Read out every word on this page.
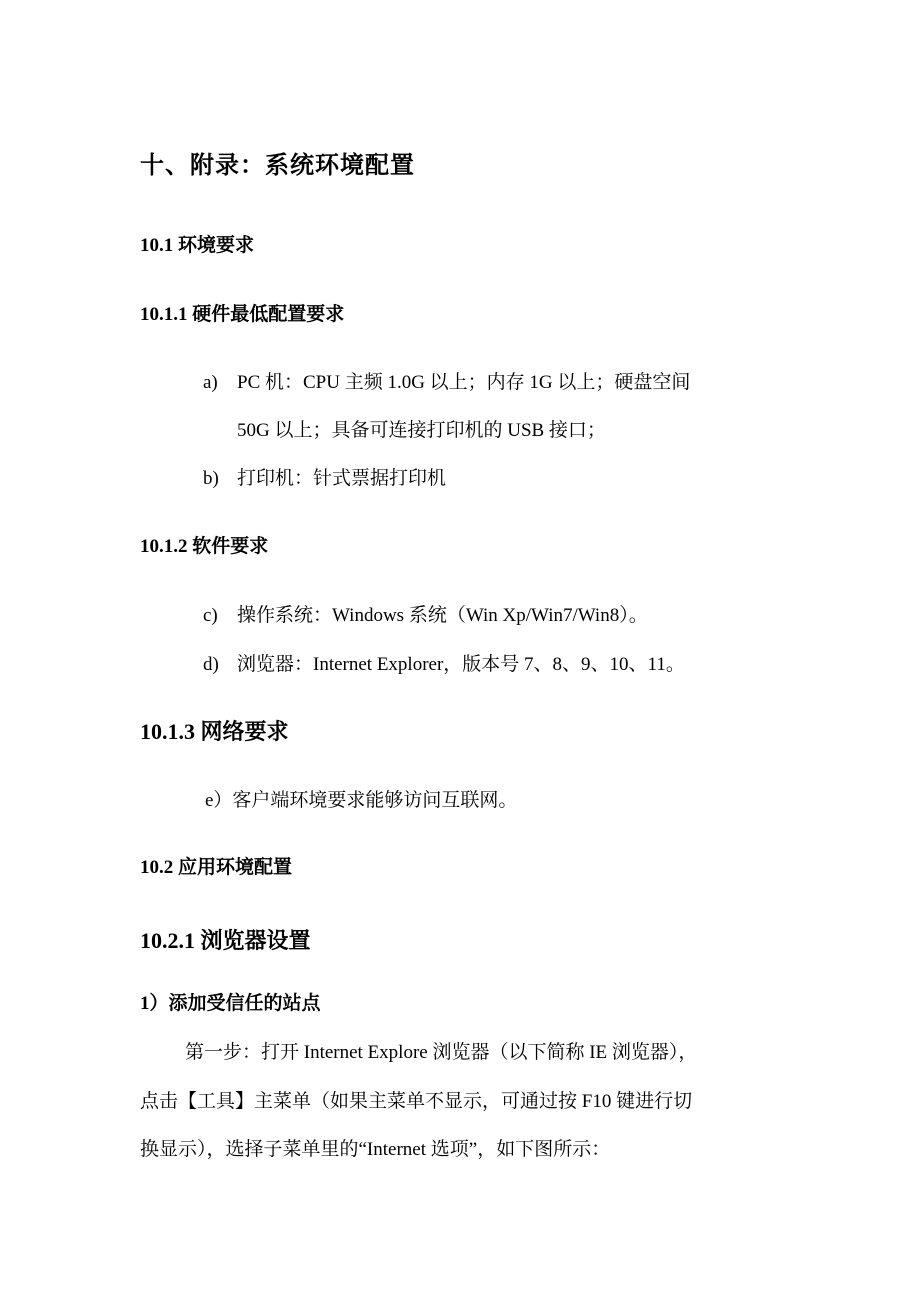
十、附录：系统环境配置
10.1 环境要求
10.1.1 硬件最低配置要求
a) PC 机：CPU 主频 1.0G 以上；内存 1G 以上；硬盘空间
50G 以上；具备可连接打印机的 USB 接口；
b) 打印机：针式票据打印机
10.1.2 软件要求
c) 操作系统：Windows 系统（Win Xp/Win7/Win8）。
d) 浏览器：Internet Explorer，版本号 7、8、9、10、11。
10.1.3 网络要求
e）客户端环境要求能够访问互联网。
10.2 应用环境配置
10.2.1 浏览器设置
1）添加受信任的站点
第一步：打开 Internet Explore 浏览器（以下简称 IE 浏览器），
点击【工具】主菜单（如果主菜单不显示，可通过按 F10 键进行切
换显示），选择子菜单里的“Internet 选项”，如下图所示：
